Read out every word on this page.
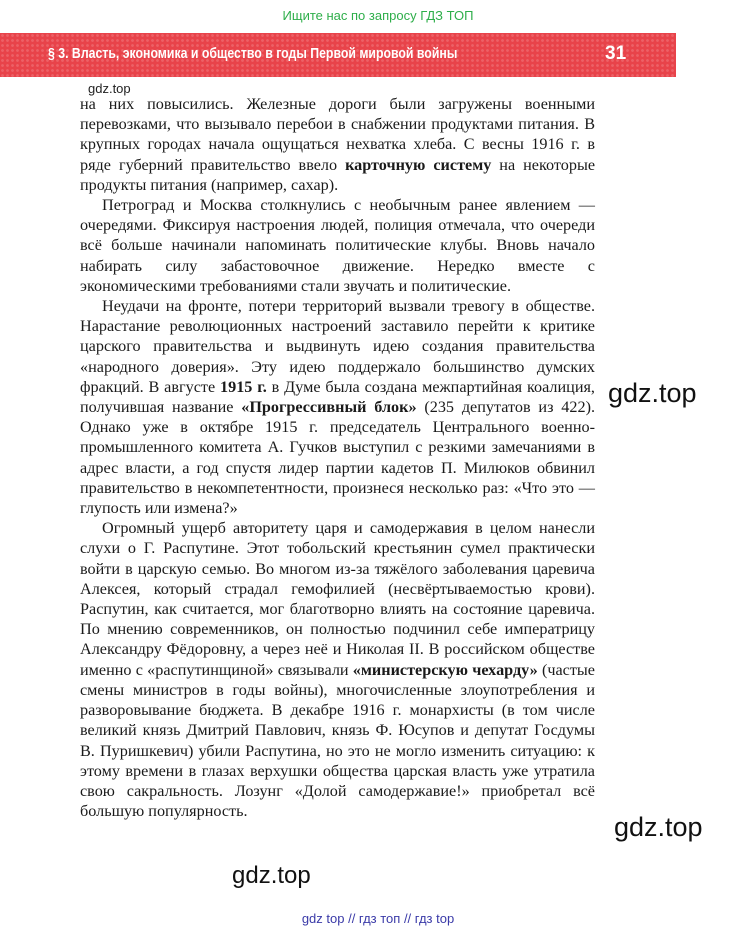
Ищите нас по запросу ГДЗ ТОП
§ 3. Власть, экономика и общество в годы Первой мировой войны	31
gdz.top

на них повысились. Железные дороги были загружены военными перевозками, что вызывало перебои в снабжении продуктами питания. В крупных городах начала ощущаться нехватка хлеба. С весны 1916 г. в ряде губерний правительство ввело карточную систему на некоторые продукты питания (например, сахар).

Петроград и Москва столкнулись с необычным ранее явлением — очередями. Фиксируя настроения людей, полиция отмечала, что очереди всё больше начинали напоминать политические клубы. Вновь начало набирать силу забастовочное движение. Нередко вместе с экономическими требованиями стали звучать и политические.

Неудачи на фронте, потери территорий вызвали тревогу в обществе. Нарастание революционных настроений заставило перейти к критике царского правительства и выдвинуть идею создания правительства «народного доверия». Эту идею поддержало большинство думских фракций. В августе 1915 г. в Думе была создана межпартийная коалиция, получившая название «Прогрессивный блок» (235 депутатов из 422). Однако уже в октябре 1915 г. председатель Центрального военно-промышленного комитета А. Гучков выступил с резкими замечаниями в адрес власти, а год спустя лидер партии кадетов П. Милюков обвинил правительство в некомпетентности, произнеся несколько раз: «Что это — глупость или измена?»

Огромный ущерб авторитету царя и самодержавия в целом нанесли слухи о Г. Распутине. Этот тобольский крестьянин сумел практически войти в царскую семью. Во многом из-за тяжёлого заболевания царевича Алексея, который страдал гемофилией (несвёртываемостью крови). Распутин, как считается, мог благотворно влиять на состояние царевича. По мнению современников, он полностью подчинил себе императрицу Александру Фёдоровну, а через неё и Николая II. В российском обществе именно с «распутинщиной» связывали «министерскую чехарду» (частые смены министров в годы войны), многочисленные злоупотребления и разворовывание бюджета. В декабре 1916 г. монархисты (в том числе великий князь Дмитрий Павлович, князь Ф. Юсупов и депутат Госдумы В. Пуришкевич) убили Распутина, но это не могло изменить ситуацию: к этому времени в глазах верхушки общества царская власть уже утратила свою сакральность. Лозунг «Долой самодержавие!» приобретал всё большую популярность.

gdz.top
gdz.top
gdz.top
gdz top // гдз топ // гдз top
